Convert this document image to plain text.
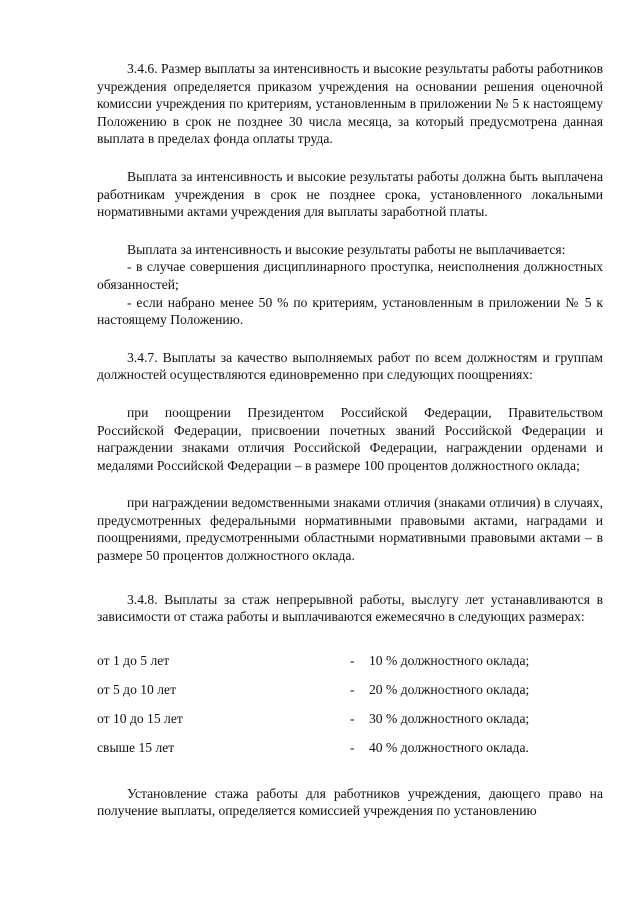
3.4.6. Размер выплаты за интенсивность и высокие результаты работы работников учреждения определяется приказом учреждения на основании решения оценочной комиссии учреждения по критериям, установленным в приложении № 5 к настоящему Положению в срок не позднее 30 числа месяца, за который предусмотрена данная выплата в пределах фонда оплаты труда.

Выплата за интенсивность и высокие результаты работы должна быть выплачена работникам учреждения в срок не позднее срока, установленного локальными нормативными актами учреждения для выплаты заработной платы.

Выплата за интенсивность и высокие результаты работы не выплачивается:

- в случае совершения дисциплинарного проступка, неисполнения должностных обязанностей;

- если набрано менее 50 % по критериям, установленным в приложении № 5 к настоящему Положению.

3.4.7. Выплаты за качество выполняемых работ по всем должностям и группам должностей осуществляются единовременно при следующих поощрениях:

при поощрении Президентом Российской Федерации, Правительством Российской Федерации, присвоении почетных званий Российской Федерации и награждении знаками отличия Российской Федерации, награждении орденами и медалями Российской Федерации – в размере 100 процентов должностного оклада;

при награждении ведомственными знаками отличия (знаками отличия) в случаях, предусмотренных федеральными нормативными правовыми актами, наградами и поощрениями, предусмотренными областными нормативными правовыми актами – в размере 50 процентов должностного оклада.

3.4.8. Выплаты за стаж непрерывной работы, выслугу лет устанавливаются в зависимости от стажа работы и выплачиваются ежемесячно в следующих размерах:

от 1 до 5 лет	-	10 % должностного оклада;
от 5 до 10 лет	-	20 % должностного оклада;
от 10 до 15 лет	-	30 % должностного оклада;
свыше 15 лет	-	40 % должностного оклада.

Установление стажа работы для работников учреждения, дающего право на получение выплаты, определяется комиссией учреждения по установлению
